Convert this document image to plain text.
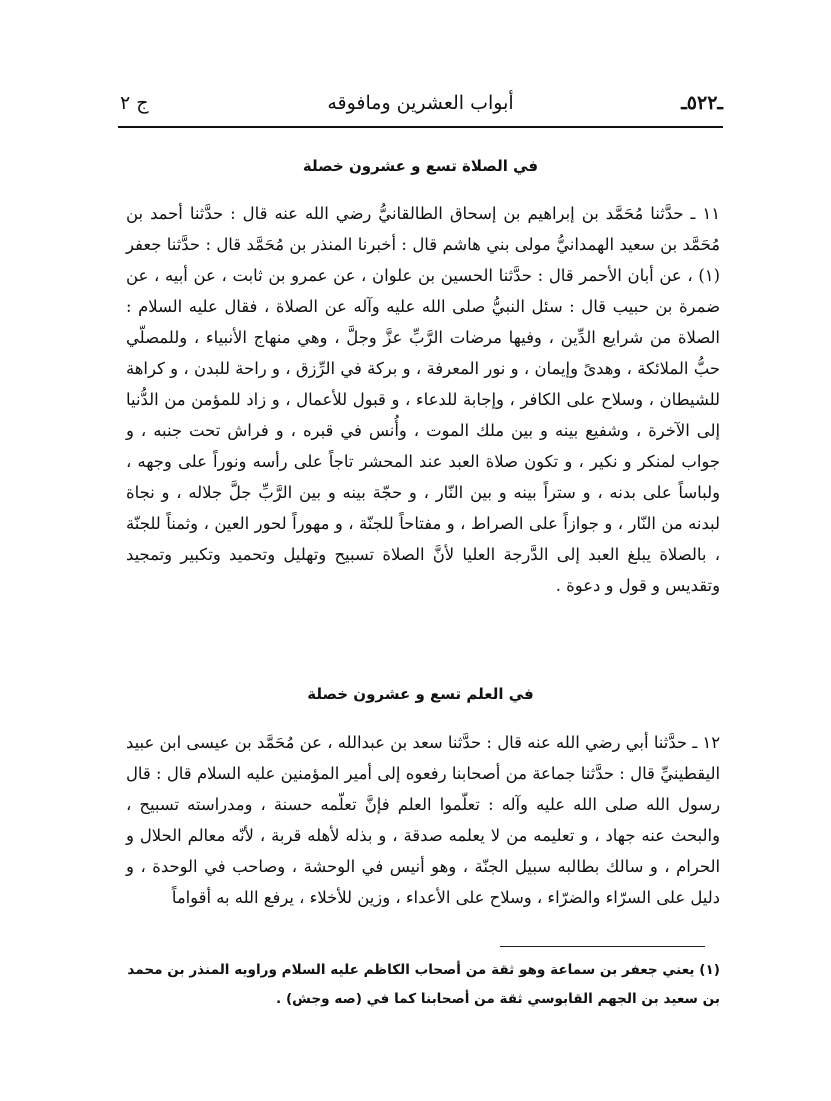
ـ٥٢٢ـ
أبواب العشرين ومافوقه
ج ٢
في الصلاة تسع و عشرون خصلة
١١ ـ حدَّثنا مُحَمَّد بن إبراهيم بن إسحاق الطالقانيُّ رضي الله عنه قال : حدَّثنا أحمد بن مُحَمَّد بن سعيد الهمدانيُّ مولى بني هاشم قال : أخبرنا المنذر بن مُحَمَّد قال : حدَّثنا جعفر (١) ، عن أبان الأحمر قال : حدَّثنا الحسين بن علوان ، عن عمرو بن ثابت ، عن أبيه ، عن ضمرة بن حبيب قال : سئل النبيُّ صلى الله عليه وآله عن الصلاة ، فقال عليه السلام : الصلاة من شرايع الدِّين ، وفيها مرضات الرَّبِّ عزَّ وجلَّ ، وهي منهاج الأنبياء ، وللمصلّي حبُّ الملائكة ، وهدىً وإيمان ، و نور المعرفة ، و بركة في الرِّزق ، و راحة للبدن ، و كراهة للشيطان ، وسلاح على الكافر ، وإجابة للدعاء ، و قبول للأعمال ، و زاد للمؤمن من الدُّنيا إلى الآخرة ، وشفيع بينه و بين ملك الموت ، وأُنس في قبره ، و فراش تحت جنبه ، و جواب لمنكر و نكير ، و تكون صلاة العبد عند المحشر تاجاً على رأسه ونوراً على وجهه ، ولباساً على بدنه ، و ستراً بينه و بين النّار ، و حجّة بينه و بين الرَّبِّ جلَّ جلاله ، و نجاة لبدنه من النّار ، و جوازاً على الصراط ، و مفتاحاً للجنّة ، و مهوراً لحور العين ، وثمناً للجنّة ، بالصلاة يبلغ العبد إلى الدَّرجة العليا لأنَّ الصلاة تسبيح وتهليل وتحميد وتكبير وتمجيد وتقديس و قول و دعوة .
في العلم تسع و عشرون خصلة
١٢ ـ حدَّثنا أبي رضي الله عنه قال : حدَّثنا سعد بن عبدالله ، عن مُحَمَّد بن عيسى ابن عبيد اليقطينيِّ قال : حدَّثنا جماعة من أصحابنا رفعوه إلى أمير المؤمنين عليه السلام قال : قال رسول الله صلى الله عليه وآله : تعلّموا العلم فإنَّ تعلّمه حسنة ، ومدراسته تسبيح ، والبحث عنه جهاد ، و تعليمه من لا يعلمه صدقة ، و بذله لأهله قربة ، لأنّه معالم الحلال و الحرام ، و سالك بطالبه سبيل الجنّة ، وهو أنيس في الوحشة ، وصاحب في الوحدة ، و دليل على السرّاء والضرّاء ، وسلاح على الأعداء ، وزين للأخلاء ، يرفع الله به أقواماً
(١) يعني جعفر بن سماعة وهو ثقة من أصحاب الكاظم عليه السلام وراويه المنذر بن محمد بن سعيد بن الجهم القابوسي ثقة من أصحابنا كما في (صه وجش) .
